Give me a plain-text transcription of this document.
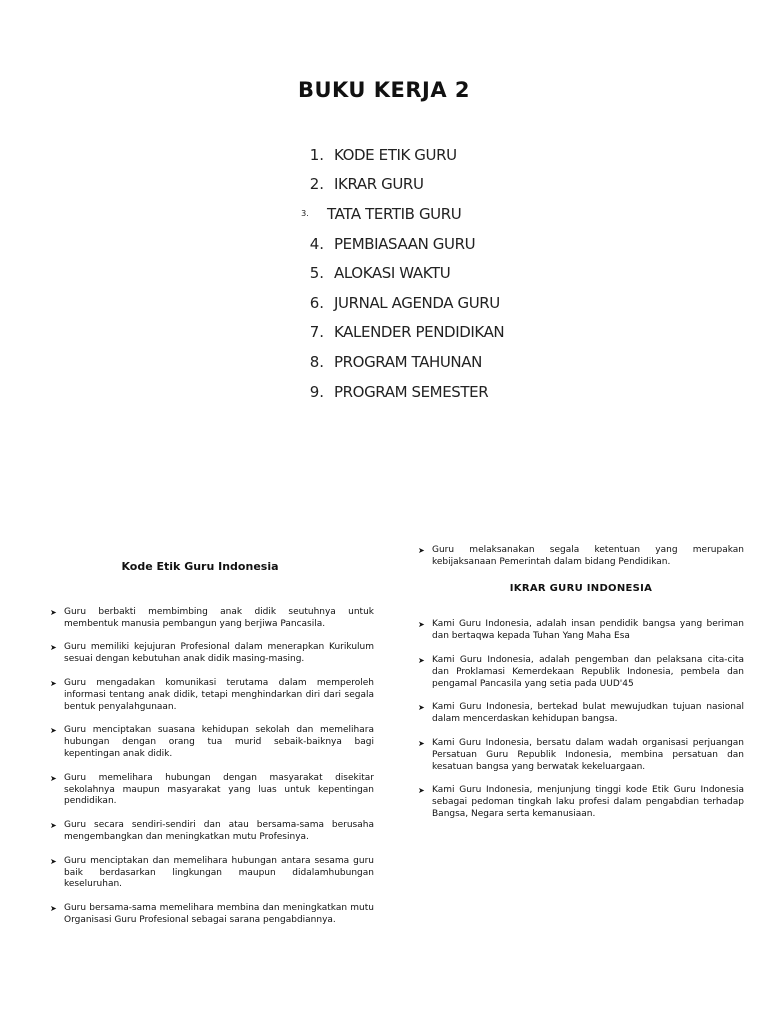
BUKU KERJA 2
1. KODE ETIK GURU
2. IKRAR GURU
3.	TATA TERTIB GURU
4. PEMBIASAAN GURU
5. ALOKASI WAKTU
6. JURNAL AGENDA GURU
7. KALENDER PENDIDIKAN
8. PROGRAM TAHUNAN
9. PROGRAM SEMESTER
Kode Etik Guru Indonesia
➤ Guru berbakti membimbing anak didik seutuhnya untuk membentuk manusia pembangun yang berjiwa Pancasila.
➤ Guru memiliki kejujuran Profesional dalam menerapkan Kurikulum sesuai dengan kebutuhan anak didik masing-masing.
➤ Guru mengadakan komunikasi terutama dalam memperoleh informasi tentang anak didik, tetapi menghindarkan diri dari segala bentuk penyalahgunaan.
➤ Guru menciptakan suasana kehidupan sekolah dan memelihara hubungan dengan orang tua murid sebaik-baiknya bagi kepentingan anak didik.
➤ Guru memelihara hubungan dengan masyarakat disekitar sekolahnya maupun masyarakat yang luas untuk kepentingan pendidikan.
➤ Guru secara sendiri-sendiri dan atau bersama-sama berusaha mengembangkan dan meningkatkan mutu Profesinya.
➤ Guru menciptakan dan memelihara hubungan antara sesama guru baik berdasarkan lingkungan maupun didalamhubungan keseluruhan.
➤ Guru bersama-sama memelihara membina dan meningkatkan mutu Organisasi Guru Profesional sebagai sarana pengabdiannya.
➤ Guru melaksanakan segala ketentuan yang merupakan kebijaksanaan Pemerintah dalam bidang Pendidikan.
IKRAR GURU INDONESIA
➤ Kami Guru Indonesia, adalah insan pendidik bangsa yang beriman dan bertaqwa kepada Tuhan Yang Maha Esa
➤ Kami Guru Indonesia, adalah pengemban dan pelaksana cita-cita dan Proklamasi Kemerdekaan Republik Indonesia, pembela dan pengamal Pancasila yang setia pada UUD'45
➤ Kami Guru Indonesia, bertekad bulat mewujudkan tujuan nasional dalam mencerdaskan kehidupan bangsa.
➤ Kami Guru Indonesia, bersatu dalam wadah organisasi perjuangan Persatuan Guru Republik Indonesia, membina persatuan dan kesatuan bangsa yang berwatak kekeluargaan.
➤ Kami Guru Indonesia, menjunjung tinggi kode Etik Guru Indonesia sebagai pedoman tingkah laku profesi dalam pengabdian terhadap Bangsa, Negara serta kemanusiaan.
